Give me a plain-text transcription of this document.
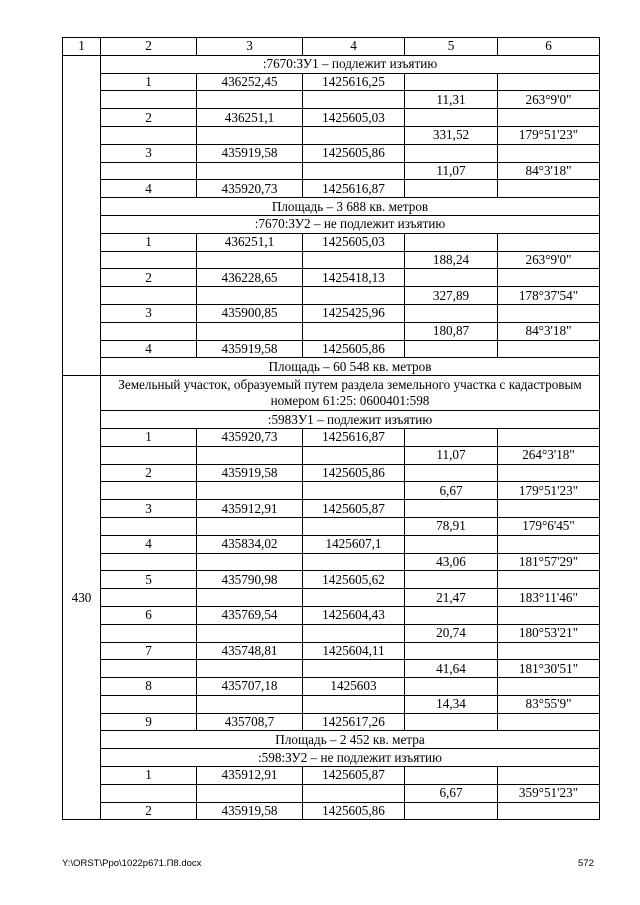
1	2	3	4	5	6
	:7670:ЗУ1 – подлежит изъятию				
	1	436252,45	1425616,25		
				11,31	263°9'0"
	2	436251,1	1425605,03		
				331,52	179°51'23"
	3	435919,58	1425605,86		
				11,07	84°3'18"
	4	435920,73	1425616,87		
	Площадь – 3 688 кв. метров				
	:7670:ЗУ2 – не подлежит изъятию				
	1	436251,1	1425605,03		
				188,24	263°9'0"
	2	436228,65	1425418,13		
				327,89	178°37'54"
	3	435900,85	1425425,96		
				180,87	84°3'18"
	4	435919,58	1425605,86		
	Площадь – 60 548 кв. метров				
430	Земельный участок, образуемый путем раздела земельного участка с кадастровым номером 61:25: 0600401:598				
	:5983У1 – подлежит изъятию				
	1	435920,73	1425616,87		
				11,07	264°3'18"
	2	435919,58	1425605,86		
				6,67	179°51'23"
	3	435912,91	1425605,87		
				78,91	179°6'45"
	4	435834,02	1425607,1		
				43,06	181°57'29"
	5	435790,98	1425605,62		
				21,47	183°11'46"
	6	435769,54	1425604,43		
				20,74	180°53'21"
	7	435748,81	1425604,11		
				41,64	181°30'51"
	8	435707,18	1425603		
				14,34	83°55'9"
	9	435708,7	1425617,26		
	Площадь – 2 452 кв. метра				
	:598:ЗУ2 – не подлежит изъятию				
	1	435912,91	1425605,87		
				6,67	359°51'23"
	2	435919,58	1425605,86		
Y:\ORST\Ppo\1022p671.П8.docx	572
